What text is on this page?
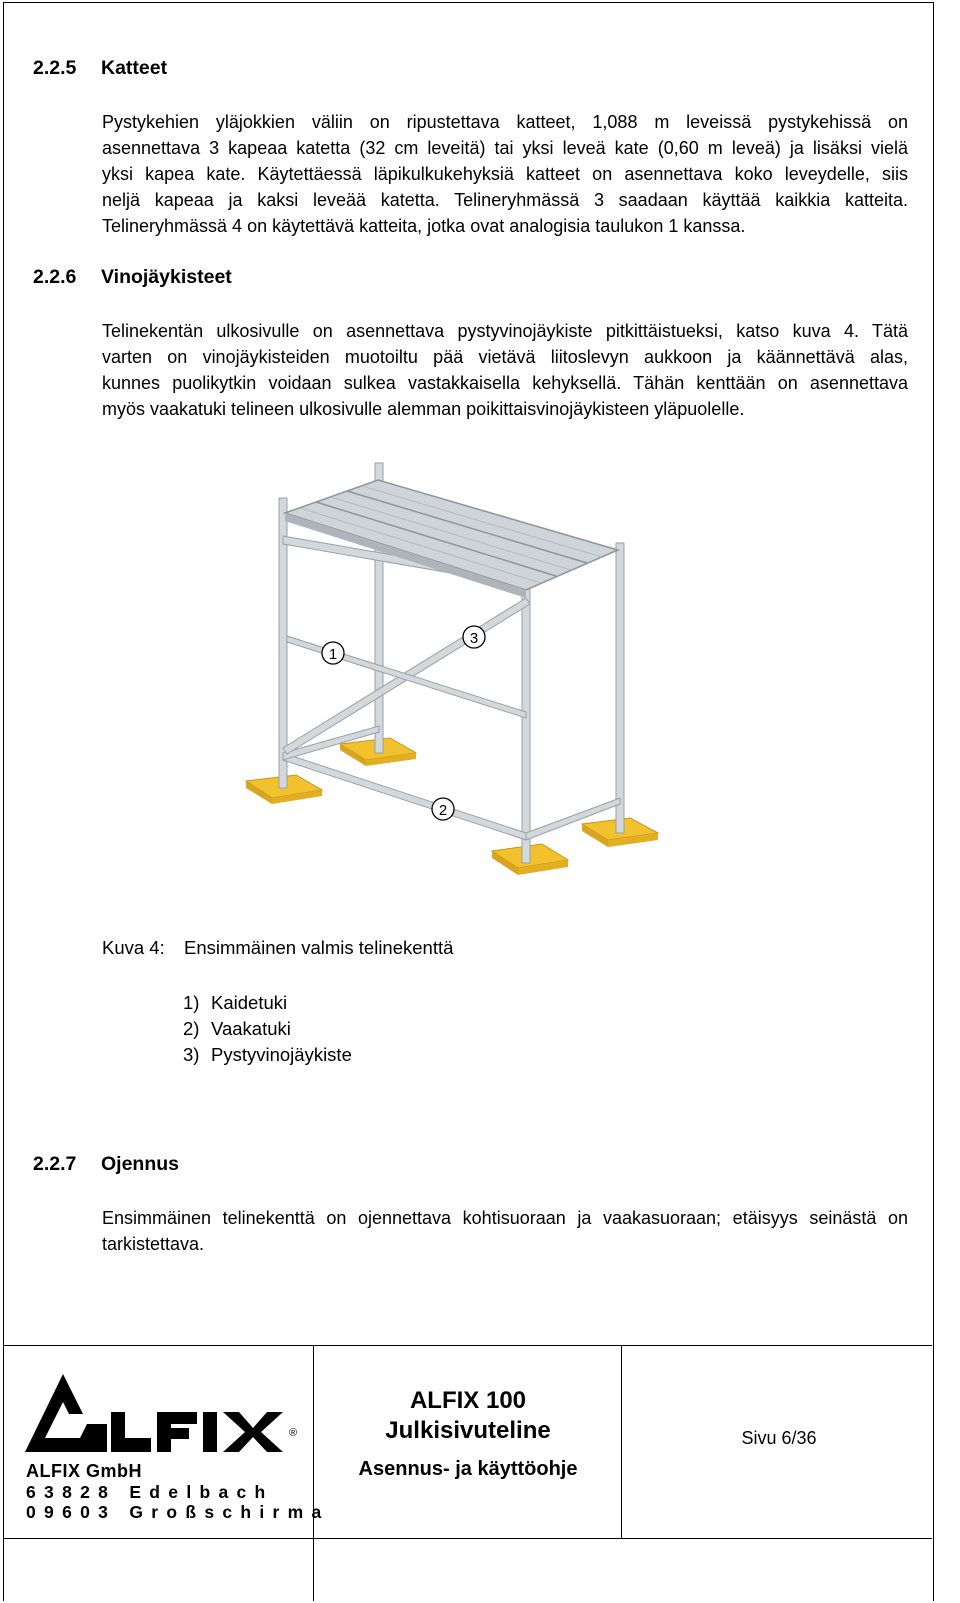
2.2.5 Katteet
Pystykehien yläjokkien väliin on ripustettava katteet, 1,088 m leveissä pystykehissä on
asennettava 3 kapeaa katetta (32 cm leveitä) tai yksi leveä kate (0,60 m leveä) ja lisäksi vielä
yksi kapea kate. Käytettäessä läpikulkukehyksiä katteet on asennettava koko leveydelle, siis
neljä kapeaa ja kaksi leveää katetta. Telineryhmässä 3 saadaan käyttää kaikkia katteita.
Telineryhmässä 4 on käytettävä katteita, jotka ovat analogisia taulukon 1 kanssa.
2.2.6 Vinojäykisteet
Telinekentän ulkosivulle on asennettava pystyvinojäykiste pitkittäistueksi, katso kuva 4. Tätä
varten on vinojäykisteiden muotoiltu pää vietävä liitoslevyn aukkoon ja käännettävä alas,
kunnes puolikytkin voidaan sulkea vastakkaisella kehyksellä. Tähän kenttään on asennettava
myös vaakatuki telineen ulkosivulle alemman poikittaisvinojäykisteen yläpuolelle.
1
2
3
Kuva 4: Ensimmäinen valmis telinekenttä
1) Kaidetuki
2) Vaakatuki
3) Pystyvinojäykiste
2.2.7 Ojennus
Ensimmäinen telinekenttä on ojennettava kohtisuoraan ja vaakasuoraan; etäisyys seinästä on
tarkistettava.
®
ALFIX GmbH
63828 Edelbach
09603 Großschirma
ALFIX 100
Julkisivuteline
Asennus- ja käyttöohje
Sivu 6/36
